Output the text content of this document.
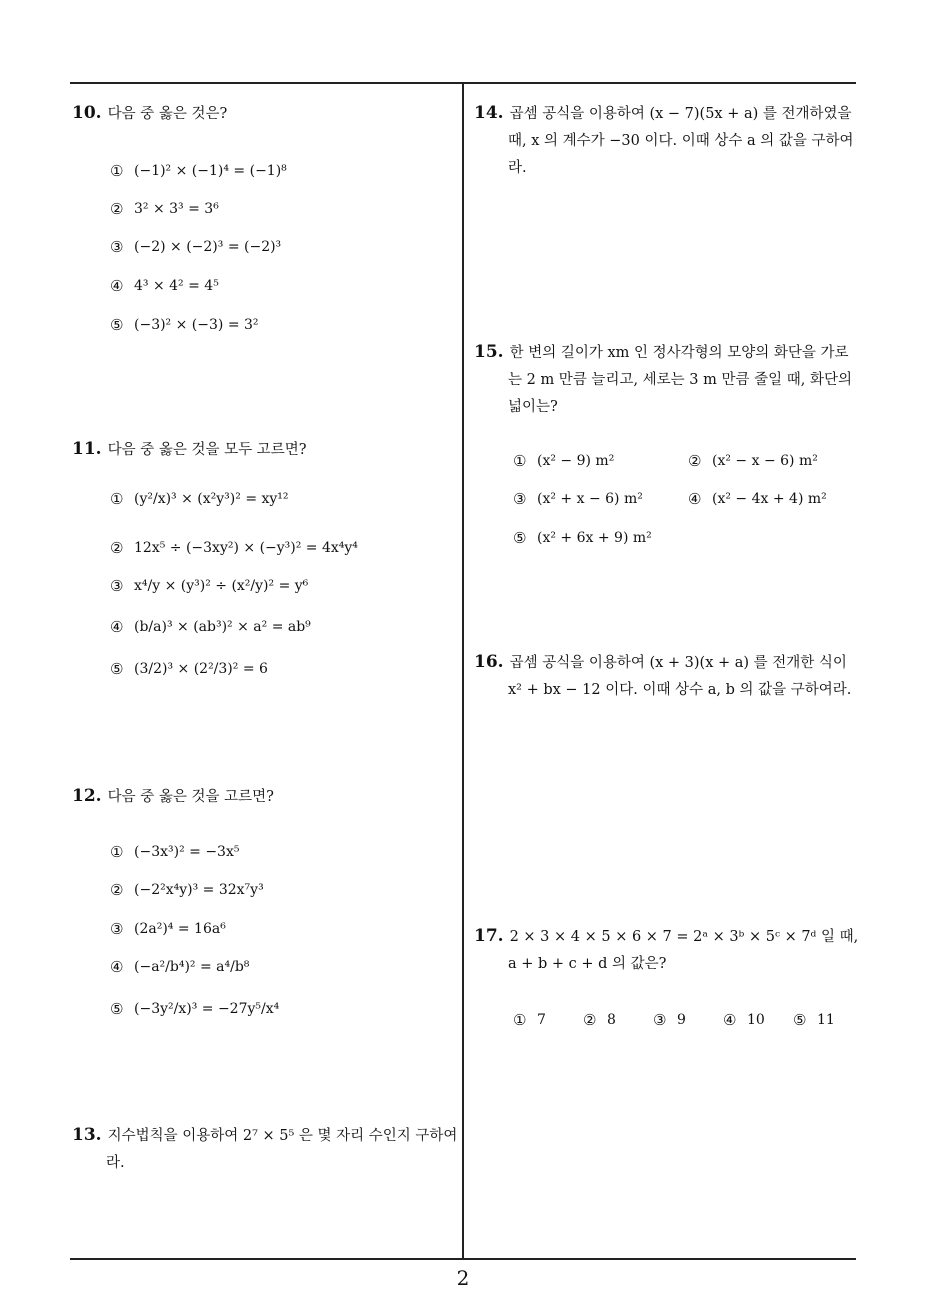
10. 다음 중 옳은 것은?
① (−1)² × (−1)⁴ = (−1)⁸
② 3² × 3³ = 3⁶
③ (−2) × (−2)³ = (−2)³
④ 4³ × 4² = 4⁵
⑤ (−3)² × (−3) = 3²
11. 다음 중 옳은 것을 모두 고르면?
① (y²/x)³ × (x²y³)² = xy¹²
② 12x⁵ ÷ (−3xy²) × (−y³)² = 4x⁴y⁴
③ x⁴/y × (y³)² ÷ (x²/y)² = y⁶
④ (b/a)³ × (ab³)² × a² = ab⁹
⑤ (3/2)³ × (2²/3)² = 6
12. 다음 중 옳은 것을 고르면?
① (−3x³)² = −3x⁵
② (−2²x⁴y)³ = 32x⁷y³
③ (2a²)⁴ = 16a⁶
④ (−a²/b⁴)² = a⁴/b⁸
⑤ (−3y²/x)³ = −27y⁵/x⁴
13. 지수법칙을 이용하여 2⁷ × 5⁵ 은 몇 자리 수인지 구하여라.
14. 곱셈 공식을 이용하여 (x − 7)(5x + a) 를 전개하였을 때, x 의 계수가 −30 이다. 이때 상수 a 의 값을 구하여라.
15. 한 변의 길이가 xm 인 정사각형의 모양의 화단을 가로는 2 m 만큼 늘리고, 세로는 3 m 만큼 줄일 때, 화단의 넓이는?
① (x² − 9) m²	② (x² − x − 6) m²
③ (x² + x − 6) m²	④ (x² − 4x + 4) m²
⑤ (x² + 6x + 9) m²
16. 곱셈 공식을 이용하여 (x + 3)(x + a) 를 전개한 식이 x² + bx − 12 이다. 이때 상수 a, b 의 값을 구하여라.
17. 2 × 3 × 4 × 5 × 6 × 7 = 2ᵃ × 3ᵇ × 5ᶜ × 7ᵈ 일 때, a + b + c + d 의 값은?
① 7 ② 8 ③ 9 ④ 10 ⑤ 11
2
